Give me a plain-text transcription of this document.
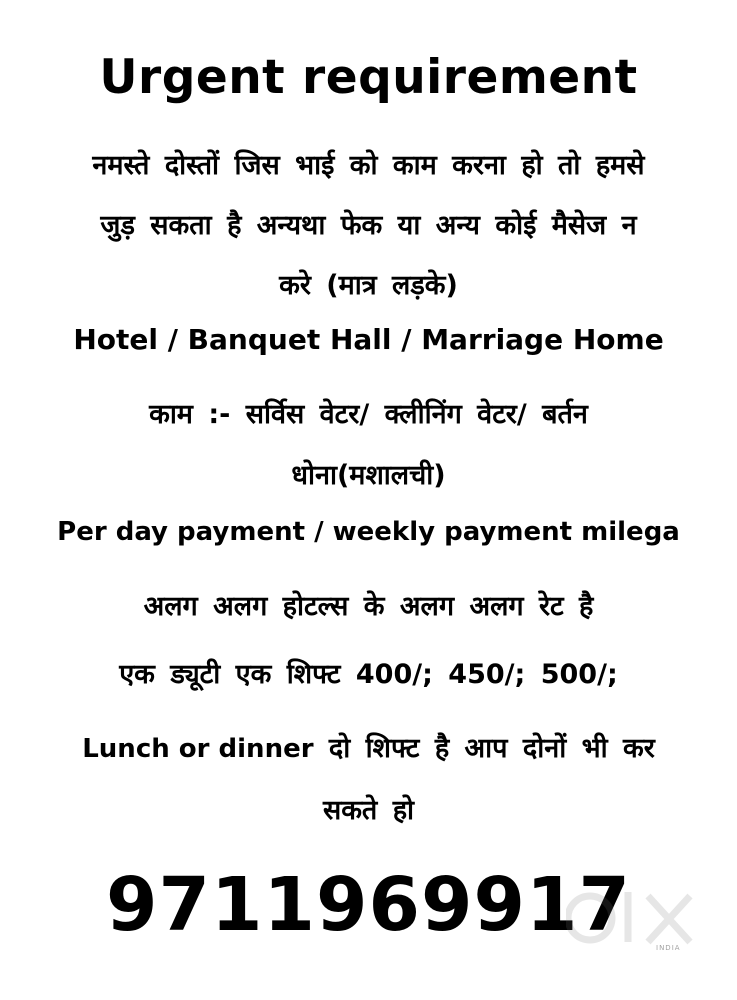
Urgent requirement
नमस्ते दोस्तों जिस भाई को काम करना हो तो हमसे
जुड़ सकता है अन्यथा फेक या अन्य कोई मैसेज न
करे (मात्र लड़के)
Hotel / Banquet Hall / Marriage Home
काम :- सर्विस वेटर/ क्लीनिंग वेटर/ बर्तन
धोना(मशालची)
Per day payment / weekly payment milega
अलग अलग होटल्स के अलग अलग रेट है
एक ड्यूटी एक शिफ्ट 400/; 450/; 500/;
Lunch or dinner दो शिफ्ट है आप दोनों भी कर
सकते हो
9711969917	INDIA
